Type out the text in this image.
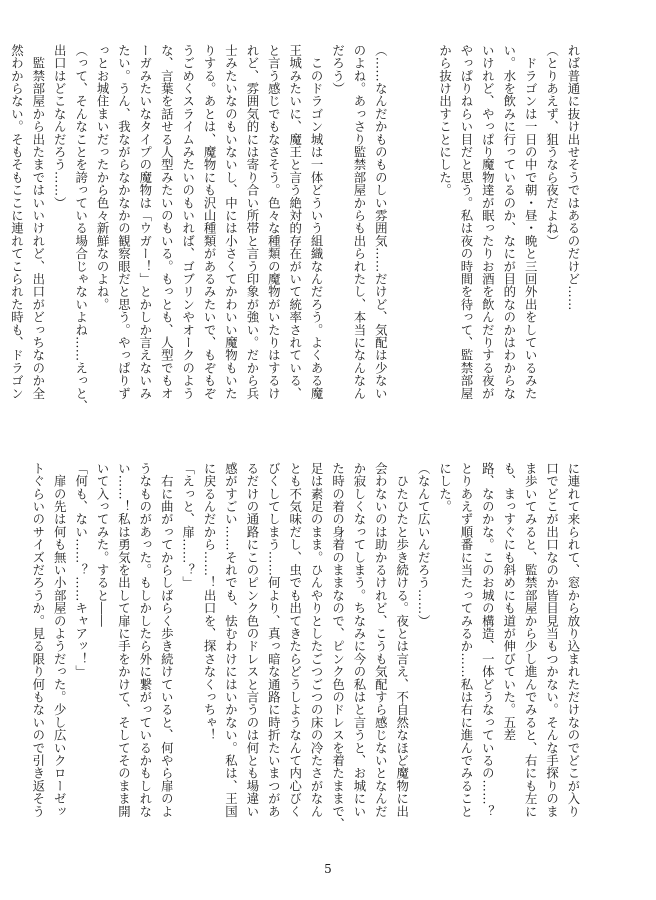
れば普通に抜け出せそうではあるのだけど……
（とりあえず、狙うなら夜だよね）
　ドラゴンは一日の中で朝・昼・晩と三回外出をしているみた
い。水を飲みに行っているのか、なにが目的なのかはわからな
いけれど、やっぱり魔物達が眠ったりお酒を飲んだりする夜が
やっぱりねらい目だと思う。私は夜の時間を待って、監禁部屋
から抜け出すことにした。

（……なんだかものものしい雰囲気……だけど、気配は少ない
のよね。あっさり監禁部屋からも出られたし、本当になんなん
だろう）
　このドラゴン城は一体どういう組織なんだろう。よくある魔
王城みたいに、魔王と言う絶対的存在がいて統率されている、
と言う感じでもなさそう。色々な種類の魔物がいたりはするけ
れど、雰囲気的には寄り合い所帯と言う印象が強い。だから兵
士みたいなのもいないし、中には小さくてかわいい魔物もいた
りする。あとは、魔物にも沢山種類があるみたいで、もぞもぞ
うごめくスライムみたいのもいれば、ゴブリンやオークのよう
な、言葉を話せる人型みたいのもいる。もっとも、人型でもオ
ーガみたいなタイプの魔物は「ウガー！」とかしか言えないみ
たい。うん、我ながらなかなかの観察眼だと思う。やっぱりず
っとお城住まいだったから色々新鮮なのよね。
（って、そんなことを誇っている場合じゃないよね……えっと、
出口はどこなんだろう……）
　監禁部屋から出たまではいいけれど、出口がどっちなのか全
然わからない。そもそもここに連れてこられた時も、ドラゴン
に連れて来られて、窓から放り込まれただけなのでどこが入り
口でどこが出口なのか皆目見当もつかない。そんな手探りのま
ま歩いてみると、監禁部屋から少し進んでみると、右にも左に
も、まっすぐにも斜めにも道が伸びていた。五差
路、なのかな。このお城の構造、一体どうなっているの……？
とりあえず順番に当たってみるか……私は右に進んでみること
にした。
（なんて広いんだろう……）
　ひたひたと歩き続ける。夜とは言え、不自然なほど魔物に出
会わないのは助かるけれど、こうも気配すら感じないとなんだ
か寂しくなってしまう。ちなみに今の私はと言うと、お城にい
た時の着の身着のままなので、ピンク色のドレスを着たままで、
足は素足のまま。ひんやりとしたごつごつの床の冷たさがなん
とも不気味だし、虫でも出てきたらどうしようなんて内心びく
びくしてしまう……何より、真っ暗な通路に時折たいまつがあ
るだけの通路にこのピンク色のドレスと言うのは何とも場違い
感がすごい……それでも、怯むわけにはいかない。私は、王国
に戻るんだから……！出口を、探さなくっちゃ！
「えっと、扉……？」
　右に曲がってからしばらく歩き続けていると、何やら扉のよ
うなものがあった。もしかしたら外に繋がっているかもしれな
い……！私は勇気を出して扉に手をかけて、そしてそのまま開
いて入ってみた。すると――
「何も、ない……？……キャアッ！」
　扉の先は何も無い小部屋のようだった。少し広いクローゼッ
トぐらいのサイズだろうか。見る限り何もないので引き返そう
5
